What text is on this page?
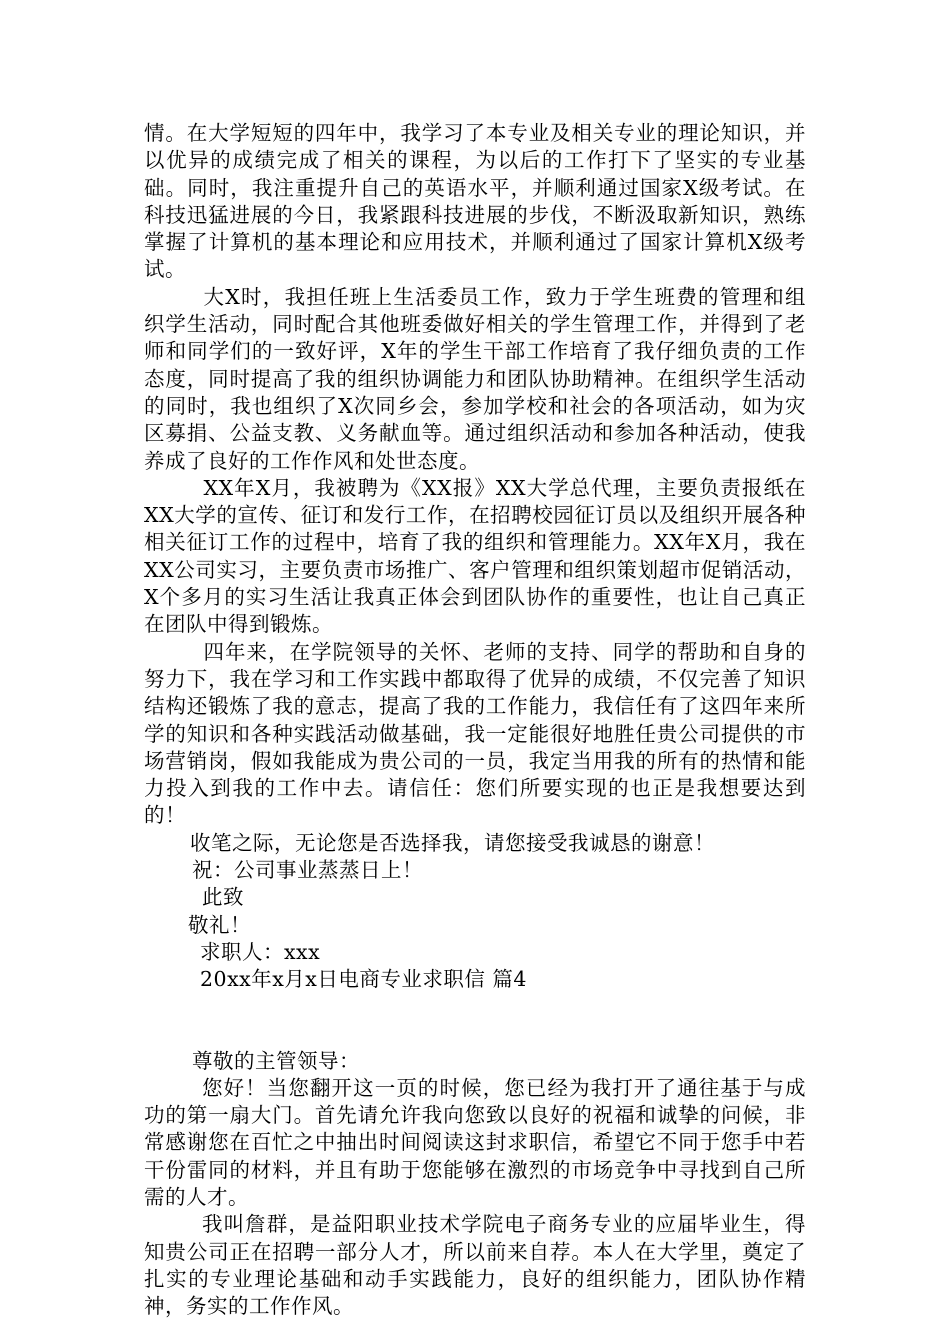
情。在大学短短的四年中，我学习了本专业及相关专业的理论知识，并以优异的成绩完成了相关的课程，为以后的工作打下了坚实的专业基础。同时，我注重提升自己的英语水平，并顺利通过国家X级考试。在科技迅猛进展的今日，我紧跟科技进展的步伐，不断汲取新知识，熟练掌握了计算机的基本理论和应用技术，并顺利通过了国家计算机X级考试。

大X时，我担任班上生活委员工作，致力于学生班费的管理和组织学生活动，同时配合其他班委做好相关的学生管理工作，并得到了老师和同学们的一致好评，X年的学生干部工作培育了我仔细负责的工作态度，同时提高了我的组织协调能力和团队协助精神。在组织学生活动的同时，我也组织了X次同乡会，参加学校和社会的各项活动，如为灾区募捐、公益支教、义务献血等。通过组织活动和参加各种活动，使我养成了良好的工作作风和处世态度。

XX年X月，我被聘为《XX报》XX大学总代理，主要负责报纸在XX大学的宣传、征订和发行工作，在招聘校园征订员以及组织开展各种相关征订工作的过程中，培育了我的组织和管理能力。XX年X月，我在XX公司实习，主要负责市场推广、客户管理和组织策划超市促销活动，X个多月的实习生活让我真正体会到团队协作的重要性，也让自己真正在团队中得到锻炼。

四年来，在学院领导的关怀、老师的支持、同学的帮助和自身的努力下，我在学习和工作实践中都取得了优异的成绩，不仅完善了知识结构还锻炼了我的意志，提高了我的工作能力，我信任有了这四年来所学的知识和各种实践活动做基础，我一定能很好地胜任贵公司提供的市场营销岗，假如我能成为贵公司的一员，我定当用我的所有的热情和能力投入到我的工作中去。请信任：您们所要实现的也正是我想要达到的！

收笔之际，无论您是否选择我，请您接受我诚恳的谢意！

祝：公司事业蒸蒸日上！

此致

敬礼！

求职人：xxx

20xx年x月x日电商专业求职信 篇4

尊敬的主管领导：

您好！当您翻开这一页的时候，您已经为我打开了通往基于与成功的第一扇大门。首先请允许我向您致以良好的祝福和诚挚的问候，非常感谢您在百忙之中抽出时间阅读这封求职信，希望它不同于您手中若干份雷同的材料，并且有助于您能够在激烈的市场竞争中寻找到自己所需的人才。

我叫詹群，是益阳职业技术学院电子商务专业的应届毕业生，得知贵公司正在招聘一部分人才，所以前来自荐。本人在大学里，奠定了扎实的专业理论基础和动手实践能力，良好的组织能力，团队协作精神，务实的工作作风。
